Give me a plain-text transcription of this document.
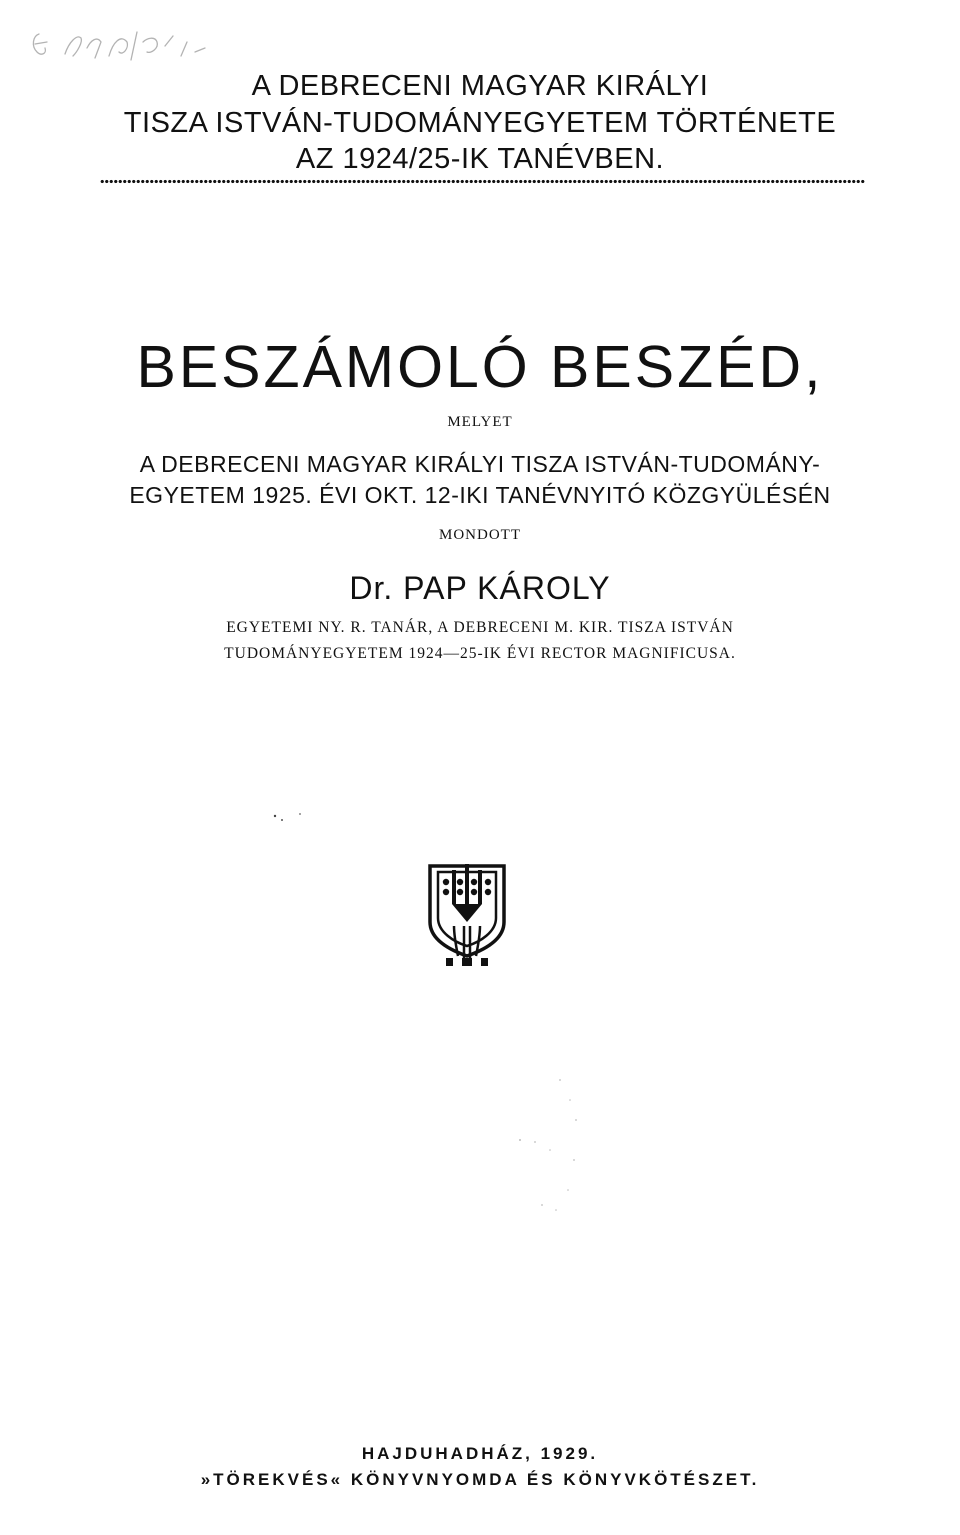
A DEBRECENI MAGYAR KIRÁLYI
TISZA ISTVÁN-TUDOMÁNYEGYETEM TÖRTÉNETE
AZ 1924/25-IK TANÉVBEN.
BESZÁMOLÓ BESZÉD,
MELYET
A DEBRECENI MAGYAR KIRÁLYI TISZA ISTVÁN-TUDOMÁNY-
EGYETEM 1925. ÉVI OKT. 12-IKI TANÉVNYITÓ KÖZGYÜLÉSÉN
MONDOTT
Dr. PAP KÁROLY
EGYETEMI NY. R. TANÁR, A DEBRECENI M. KIR. TISZA ISTVÁN
TUDOMÁNYEGYETEM 1924—25-IK ÉVI RECTOR MAGNIFICUSA.
HAJDUHADHÁZ, 1929.
»TÖREKVÉS« KÖNYVNYOMDA ÉS KÖNYVKÖTÉSZET.
